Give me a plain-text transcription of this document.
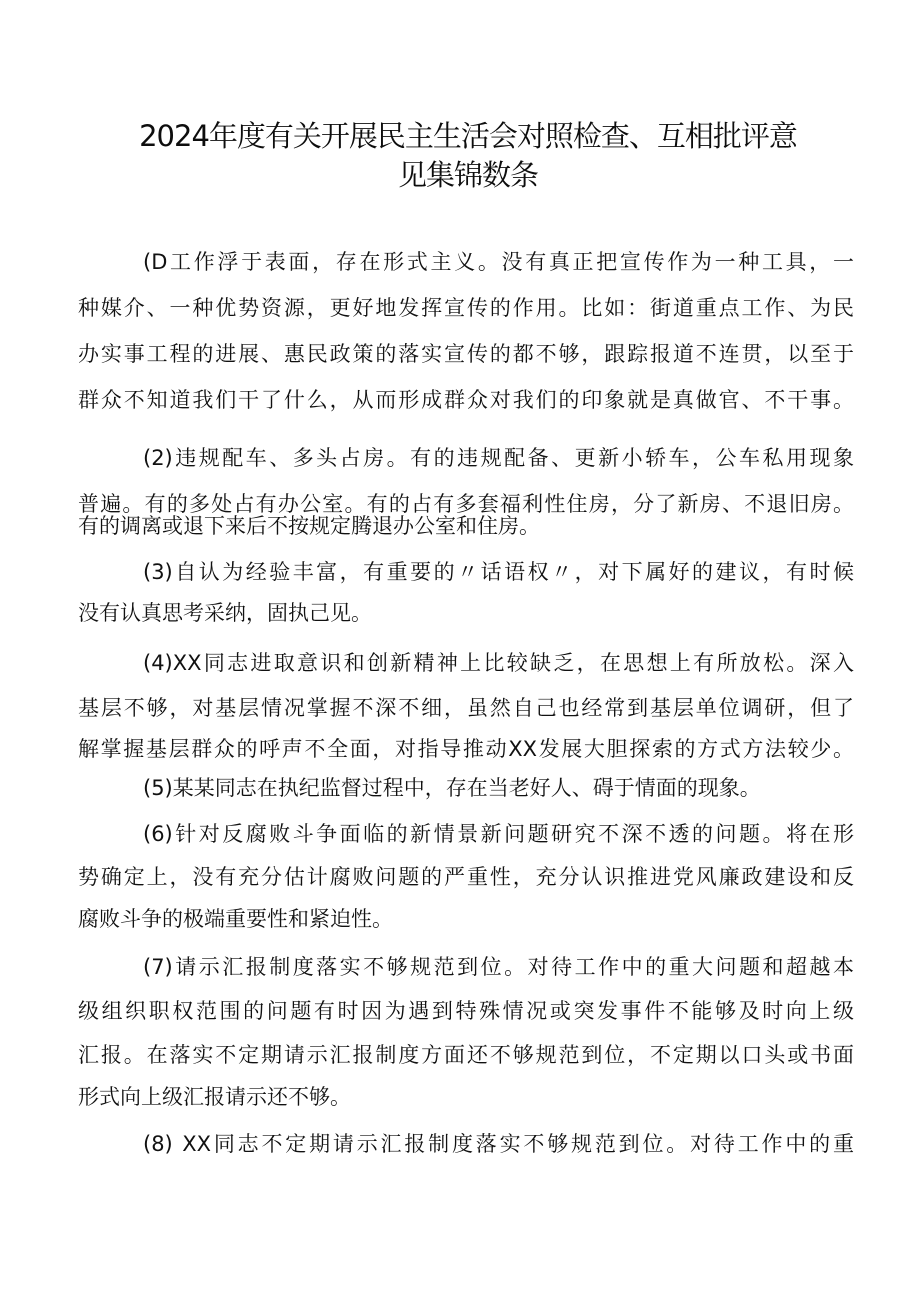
2024年度有关开展民主生活会对照检查、互相批评意
见集锦数条
(D工作浮于表面，存在形式主义。没有真正把宣传作为一种工具，一
种媒介、一种优势资源，更好地发挥宣传的作用。比如：街道重点工作、为民
办实事工程的进展、惠民政策的落实宣传的都不够，跟踪报道不连贯，以至于
群众不知道我们干了什么，从而形成群众对我们的印象就是真做官、不干事。
(2)违规配车、多头占房。有的违规配备、更新小轿车，公车私用现象
普遍。有的多处占有办公室。有的占有多套福利性住房，分了新房、不退旧房。
有的调离或退下来后不按规定腾退办公室和住房。
(3)自认为经验丰富，有重要的〃话语权〃，对下属好的建议，有时候
没有认真思考采纳，固执己见。
(4)XX同志进取意识和创新精神上比较缺乏，在思想上有所放松。深入
基层不够，对基层情况掌握不深不细，虽然自己也经常到基层单位调研，但了
解掌握基层群众的呼声不全面，对指导推动XX发展大胆探索的方式方法较少。
(5)某某同志在执纪监督过程中，存在当老好人、碍于情面的现象。
(6)针对反腐败斗争面临的新情景新问题研究不深不透的问题。将在形
势确定上，没有充分估计腐败问题的严重性，充分认识推进党风廉政建设和反
腐败斗争的极端重要性和紧迫性。
(7)请示汇报制度落实不够规范到位。对待工作中的重大问题和超越本
级组织职权范围的问题有时因为遇到特殊情况或突发事件不能够及时向上级
汇报。在落实不定期请示汇报制度方面还不够规范到位，不定期以口头或书面
形式向上级汇报请示还不够。
(8) XX同志不定期请示汇报制度落实不够规范到位。对待工作中的重
